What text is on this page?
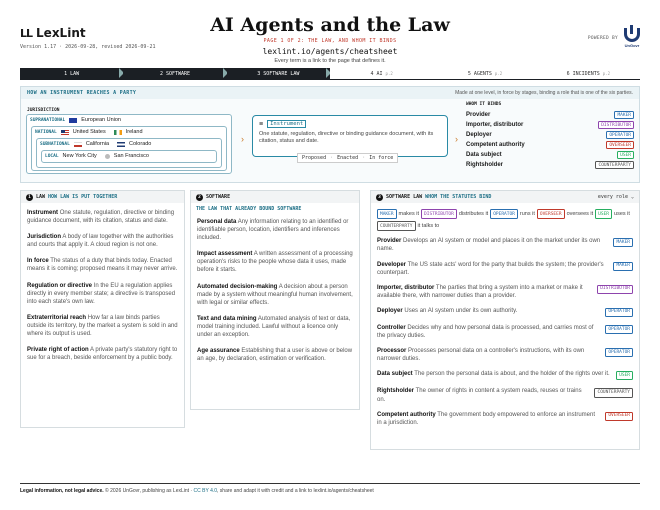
LL LexLint
Version 1.17 · 2026-09-28, revised 2026-09-21
AI Agents and the Law
PAGE 1 OF 2: THE LAW, AND WHOM IT BINDS
lexlint.io/agents/cheatsheet
Every term is a link to the page that defines it.
POWERED BY
UnGovr
1 LAW	2 SOFTWARE	3 SOFTWARE LAW	4 AI p.2	5 AGENTS p.2	6 INCIDENTS p.2
HOW AN INSTRUMENT REACHES A PARTY	Made at one level, in force by stages, binding a role that is one of the six parties.
JURISDICTION
SUPRANATIONAL	European Union
NATIONAL	United States	Ireland
SUBNATIONAL	California	Colorado
LOCAL New York City	San Francisco
›
≡	Instrument
One statute, regulation, directive or binding guidance document, with its citation, status and date.
Proposed · Enacted · In force
›
WHOM IT BINDS
Provider	MAKER
Importer, distributor	DISTRIBUTOR
Deployer	OPERATOR
Competent authority	OVERSEER
Data subject	USER
Rightsholder	COUNTERPARTY
1	LAW HOW LAW IS PUT TOGETHER
Instrument One statute, regulation, directive or binding guidance document, with its citation, status and date.
Jurisdiction A body of law together with the authorities and courts that apply it. A cloud region is not one.
In force The status of a duty that binds today. Enacted means it is coming; proposed means it may never arrive.
Regulation or directive In the EU a regulation applies directly in every member state; a directive is transposed into each state's own law.
Extraterritorial reach How far a law binds parties outside its territory, by the market a system is sold in and where its output is used.
Private right of action A private party's statutory right to sue for a breach, beside enforcement by a public body.
2	SOFTWARE
THE LAW THAT ALREADY BOUND SOFTWARE
Personal data Any information relating to an identified or identifiable person, location, identifiers and inferences included.
Impact assessment A written assessment of a processing operation's risks to the people whose data it uses, made before it starts.
Automated decision-making A decision about a person made by a system without meaningful human involvement, with legal or similar effects.
Text and data mining Automated analysis of text or data, model training included. Lawful without a licence only under an exception.
Age assurance Establishing that a user is above or below an age, by declaration, estimation or verification.
3	SOFTWARE LAW WHOM THE STATUTES BIND	every role ⌄
MAKER makes it	DISTRIBUTOR distributes it	OPERATOR runs it	OVERSEER oversees it	USER uses it
COUNTERPARTY it talks to
Provider Develops an AI system or model and places it on the market under its own name.
MAKER
Developer The US state acts' word for the party that builds the system; the provider's counterpart.
MAKER
Importer, distributor The parties that bring a system into a market or make it available there, with narrower duties than a provider.
DISTRIBUTOR
Deployer Uses an AI system under its own authority.	OPERATOR
Controller Decides why and how personal data is processed, and carries most of the privacy duties.
OPERATOR
Processor Processes personal data on a controller's instructions, with its own narrower duties.
OPERATOR
Data subject The person the personal data is about, and the holder of the rights over it.	USER
Rightsholder The owner of rights in content a system reads, reuses or trains on.
COUNTERPARTY
Competent authority The government body empowered to enforce an instrument in a jurisdiction.
OVERSEER
Legal information, not legal advice. © 2026 UnGovr, publishing as LexLint · CC BY 4.0, share and adapt it with credit and a link to lexlint.io/agents/cheatsheet
